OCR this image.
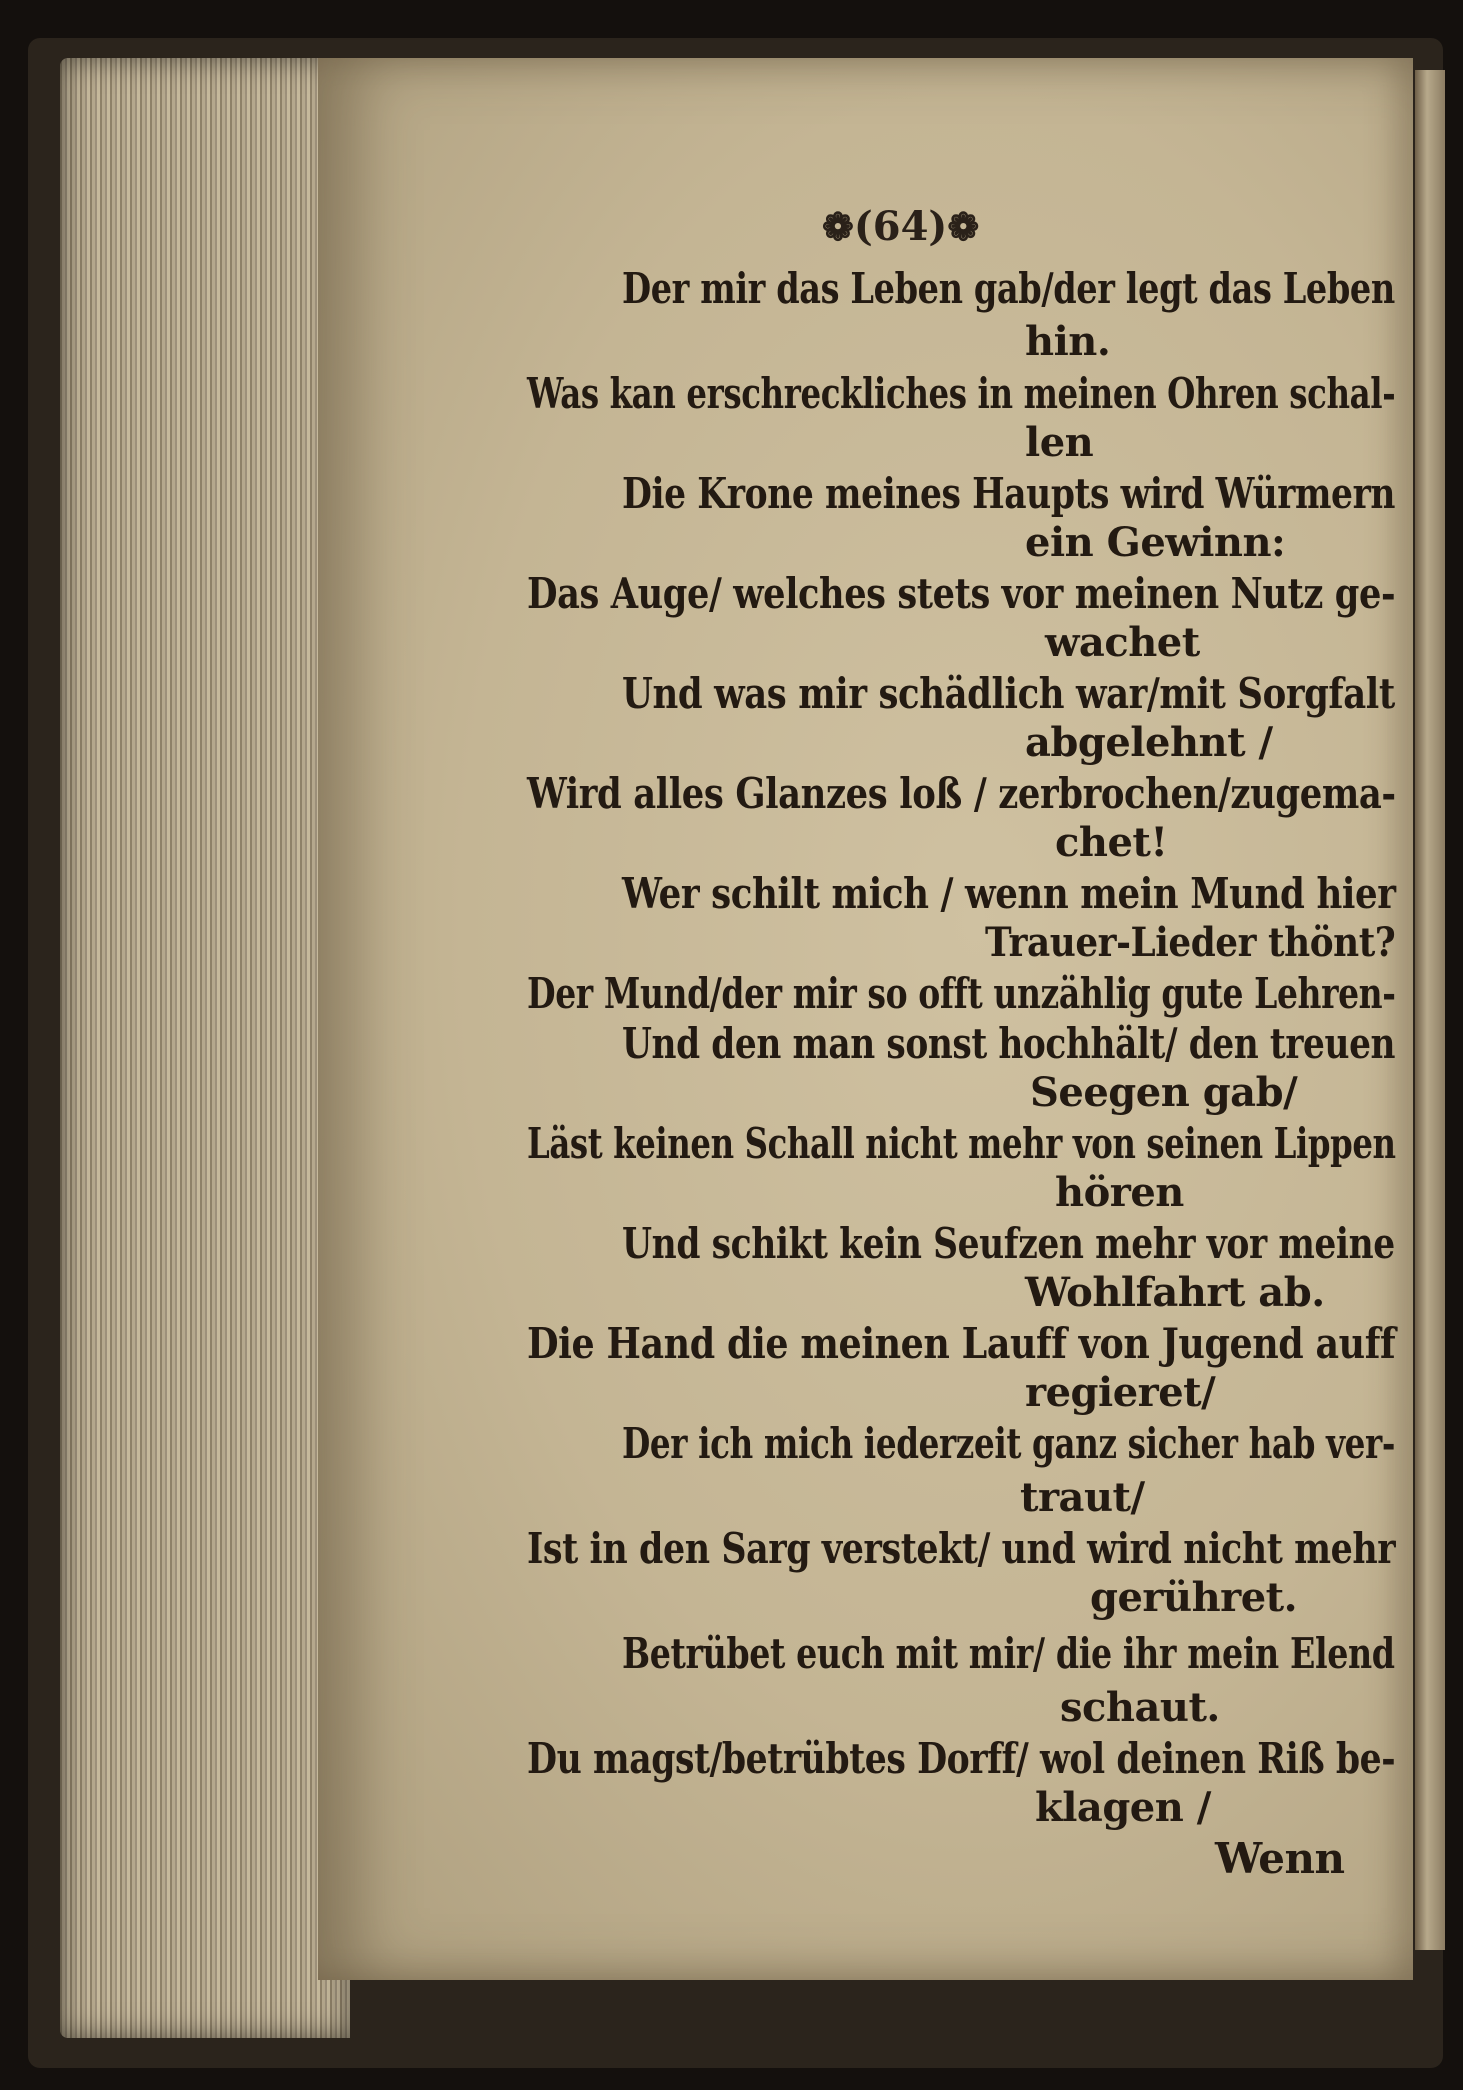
❁(64)❁
Der mir das Leben gab/der legt das Leben
hin.
Was kan erschreckliches in meinen Ohren schal-
len
Die Krone meines Haupts wird Würmern
ein Gewinn:
Das Auge/ welches stets vor meinen Nutz ge-
wachet
Und was mir schädlich war/mit Sorgfalt
abgelehnt /
Wird alles Glanzes loß / zerbrochen/zugema-
chet!
Wer schilt mich / wenn mein Mund hier
Trauer-Lieder thönt?
Der Mund/der mir so offt unzählig gute Lehren-
Und den man sonst hochhält/ den treuen
Seegen gab/
Läst keinen Schall nicht mehr von seinen Lippen
hören
Und schikt kein Seufzen mehr vor meine
Wohlfahrt ab.
Die Hand die meinen Lauff von Jugend auff
regieret/
Der ich mich iederzeit ganz sicher hab ver-
traut/
Ist in den Sarg verstekt/ und wird nicht mehr
gerühret.
Betrübet euch mit mir/ die ihr mein Elend
schaut.
Du magst/betrübtes Dorff/ wol deinen Riß be-
klagen /
Wenn
